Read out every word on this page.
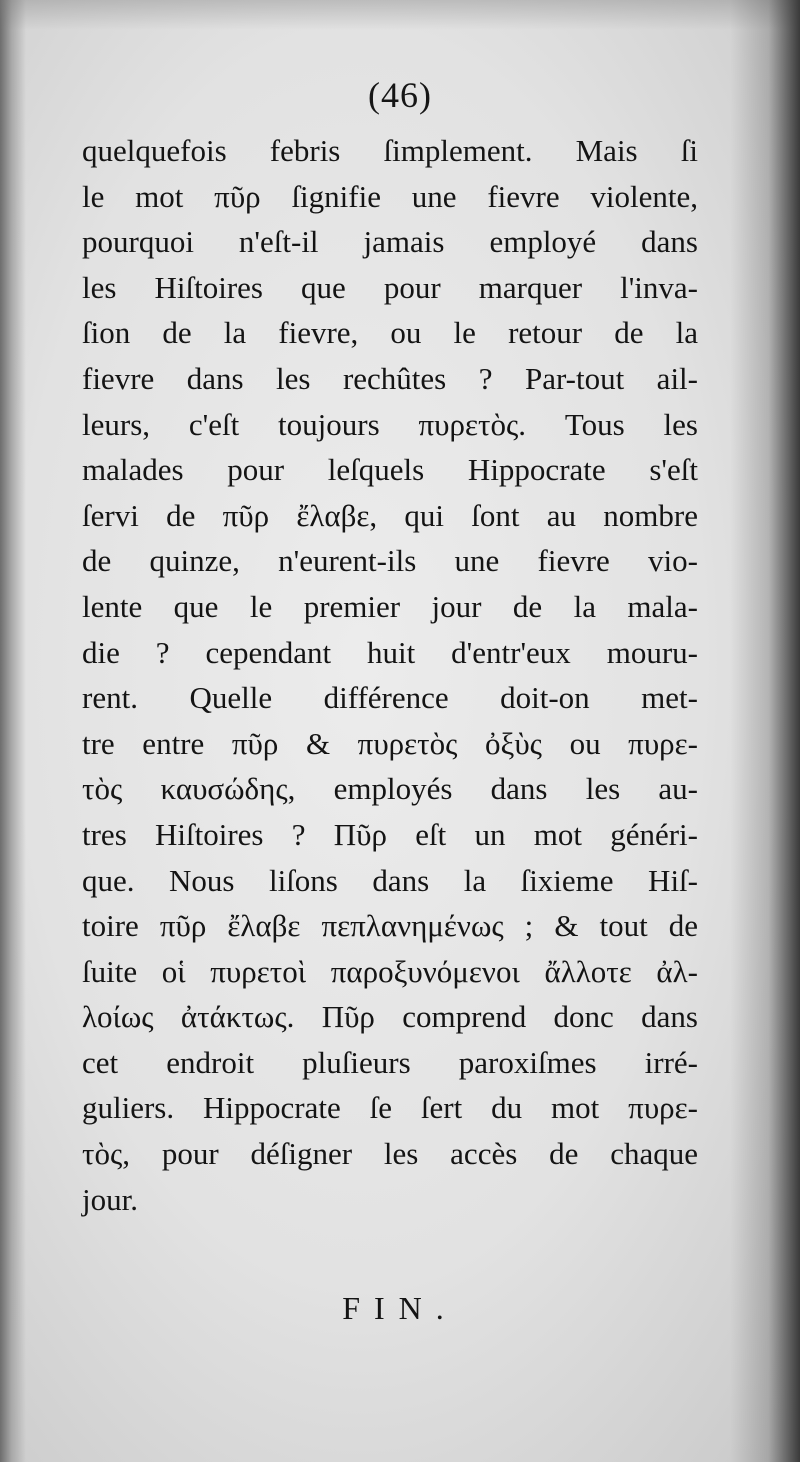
(46)
quelquefois febris ſimplement. Mais ſi
le mot πῦρ ſignifie une fievre violente,
pourquoi n'eſt-il jamais employé dans
les Hiſtoires que pour marquer l'inva-
ſion de la fievre, ou le retour de la
fievre dans les rechûtes ? Par-tout ail-
leurs, c'eſt toujours πυρετὸς. Tous les
malades pour leſquels Hippocrate s'eſt
ſervi de πῦρ ἔλαβε, qui ſont au nombre
de quinze, n'eurent-ils une fievre vio-
lente que le premier jour de la mala-
die ? cependant huit d'entr'eux mouru-
rent. Quelle différence doit-on met-
tre entre πῦρ & πυρετὸς ὀξὺς ou πυρε-
τὸς καυσώδης, employés dans les au-
tres Hiſtoires ? Πῦρ eſt un mot généri-
que. Nous liſons dans la ſixieme Hiſ-
toire πῦρ ἔλαβε πεπλανημένως ; & tout de
ſuite οἱ πυρετοὶ παροξυνόμενοι ἄλλοτε ἀλ-
λοίως ἀτάκτως. Πῦρ comprend donc dans
cet endroit pluſieurs paroxiſmes irré-
guliers. Hippocrate ſe ſert du mot πυρε-
τὸς, pour déſigner les accès de chaque
jour.
FIN.
